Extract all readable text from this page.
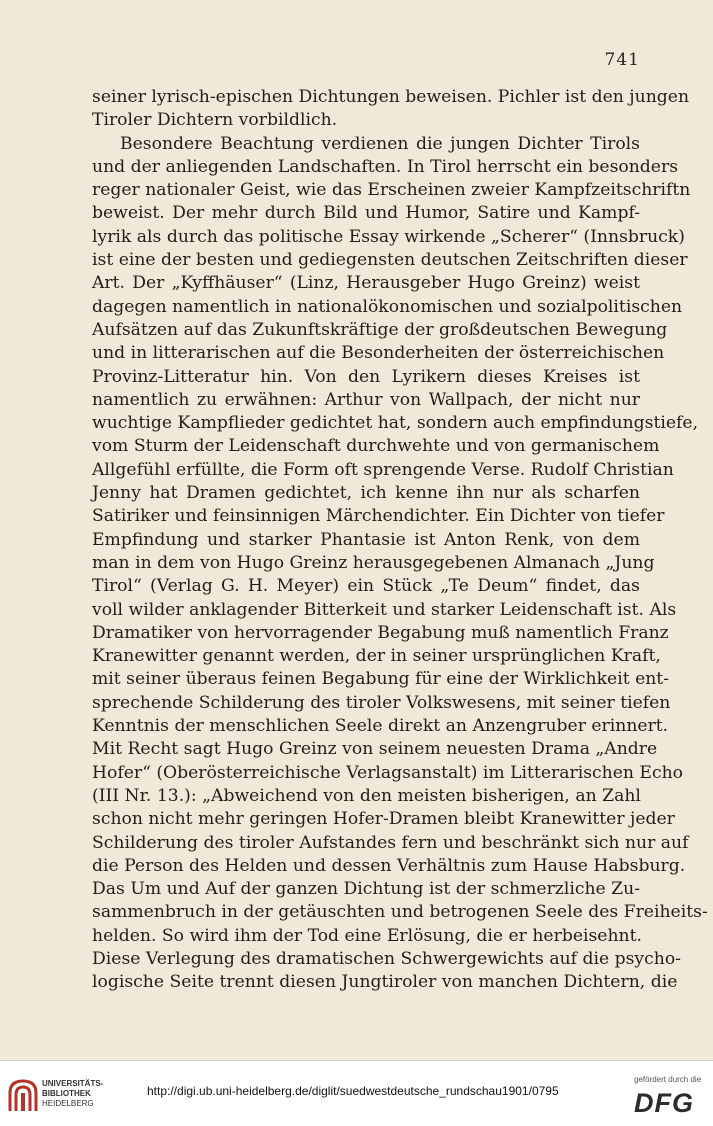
741
seiner lyrisch-epischen Dichtungen beweisen. Pichler ist den jungen
Tiroler Dichtern vorbildlich.
Besondere Beachtung verdienen die jungen Dichter Tirols
und der anliegenden Landschaften. In Tirol herrscht ein besonders
reger nationaler Geist, wie das Erscheinen zweier Kampfzeitschriftn
beweist. Der mehr durch Bild und Humor, Satire und Kampf-
lyrik als durch das politische Essay wirkende „Scherer“ (Innsbruck)
ist eine der besten und gediegensten deutschen Zeitschriften dieser
Art. Der „Kyffhäuser“ (Linz, Herausgeber Hugo Greinz) weist
dagegen namentlich in nationalökonomischen und sozialpolitischen
Aufsätzen auf das Zukunftskräftige der großdeutschen Bewegung
und in litterarischen auf die Besonderheiten der österreichischen
Provinz-Litteratur hin. Von den Lyrikern dieses Kreises ist
namentlich zu erwähnen: Arthur von Wallpach, der nicht nur
wuchtige Kampflieder gedichtet hat, sondern auch empfindungstiefe,
vom Sturm der Leidenschaft durchwehte und von germanischem
Allgefühl erfüllte, die Form oft sprengende Verse. Rudolf Christian
Jenny hat Dramen gedichtet, ich kenne ihn nur als scharfen
Satiriker und feinsinnigen Märchendichter. Ein Dichter von tiefer
Empfindung und starker Phantasie ist Anton Renk, von dem
man in dem von Hugo Greinz herausgegebenen Almanach „Jung
Tirol“ (Verlag G. H. Meyer) ein Stück „Te Deum“ findet, das
voll wilder anklagender Bitterkeit und starker Leidenschaft ist. Als
Dramatiker von hervorragender Begabung muß namentlich Franz
Kranewitter genannt werden, der in seiner ursprünglichen Kraft,
mit seiner überaus feinen Begabung für eine der Wirklichkeit ent-
sprechende Schilderung des tiroler Volkswesens, mit seiner tiefen
Kenntnis der menschlichen Seele direkt an Anzengruber erinnert.
Mit Recht sagt Hugo Greinz von seinem neuesten Drama „Andre
Hofer“ (Oberösterreichische Verlagsanstalt) im Litterarischen Echo
(III Nr. 13.): „Abweichend von den meisten bisherigen, an Zahl
schon nicht mehr geringen Hofer-Dramen bleibt Kranewitter jeder
Schilderung des tiroler Aufstandes fern und beschränkt sich nur auf
die Person des Helden und dessen Verhältnis zum Hause Habsburg.
Das Um und Auf der ganzen Dichtung ist der schmerzliche Zu-
sammenbruch in der getäuschten und betrogenen Seele des Freiheits-
helden. So wird ihm der Tod eine Erlösung, die er herbeisehnt.
Diese Verlegung des dramatischen Schwergewichts auf die psycho-
logische Seite trennt diesen Jungtiroler von manchen Dichtern, die
UNIVERSITÄTS-
BIBLIOTHEK
HEIDELBERG
http://digi.ub.uni-heidelberg.de/diglit/suedwestdeutsche_rundschau1901/0795
gefördert durch die
DFG
